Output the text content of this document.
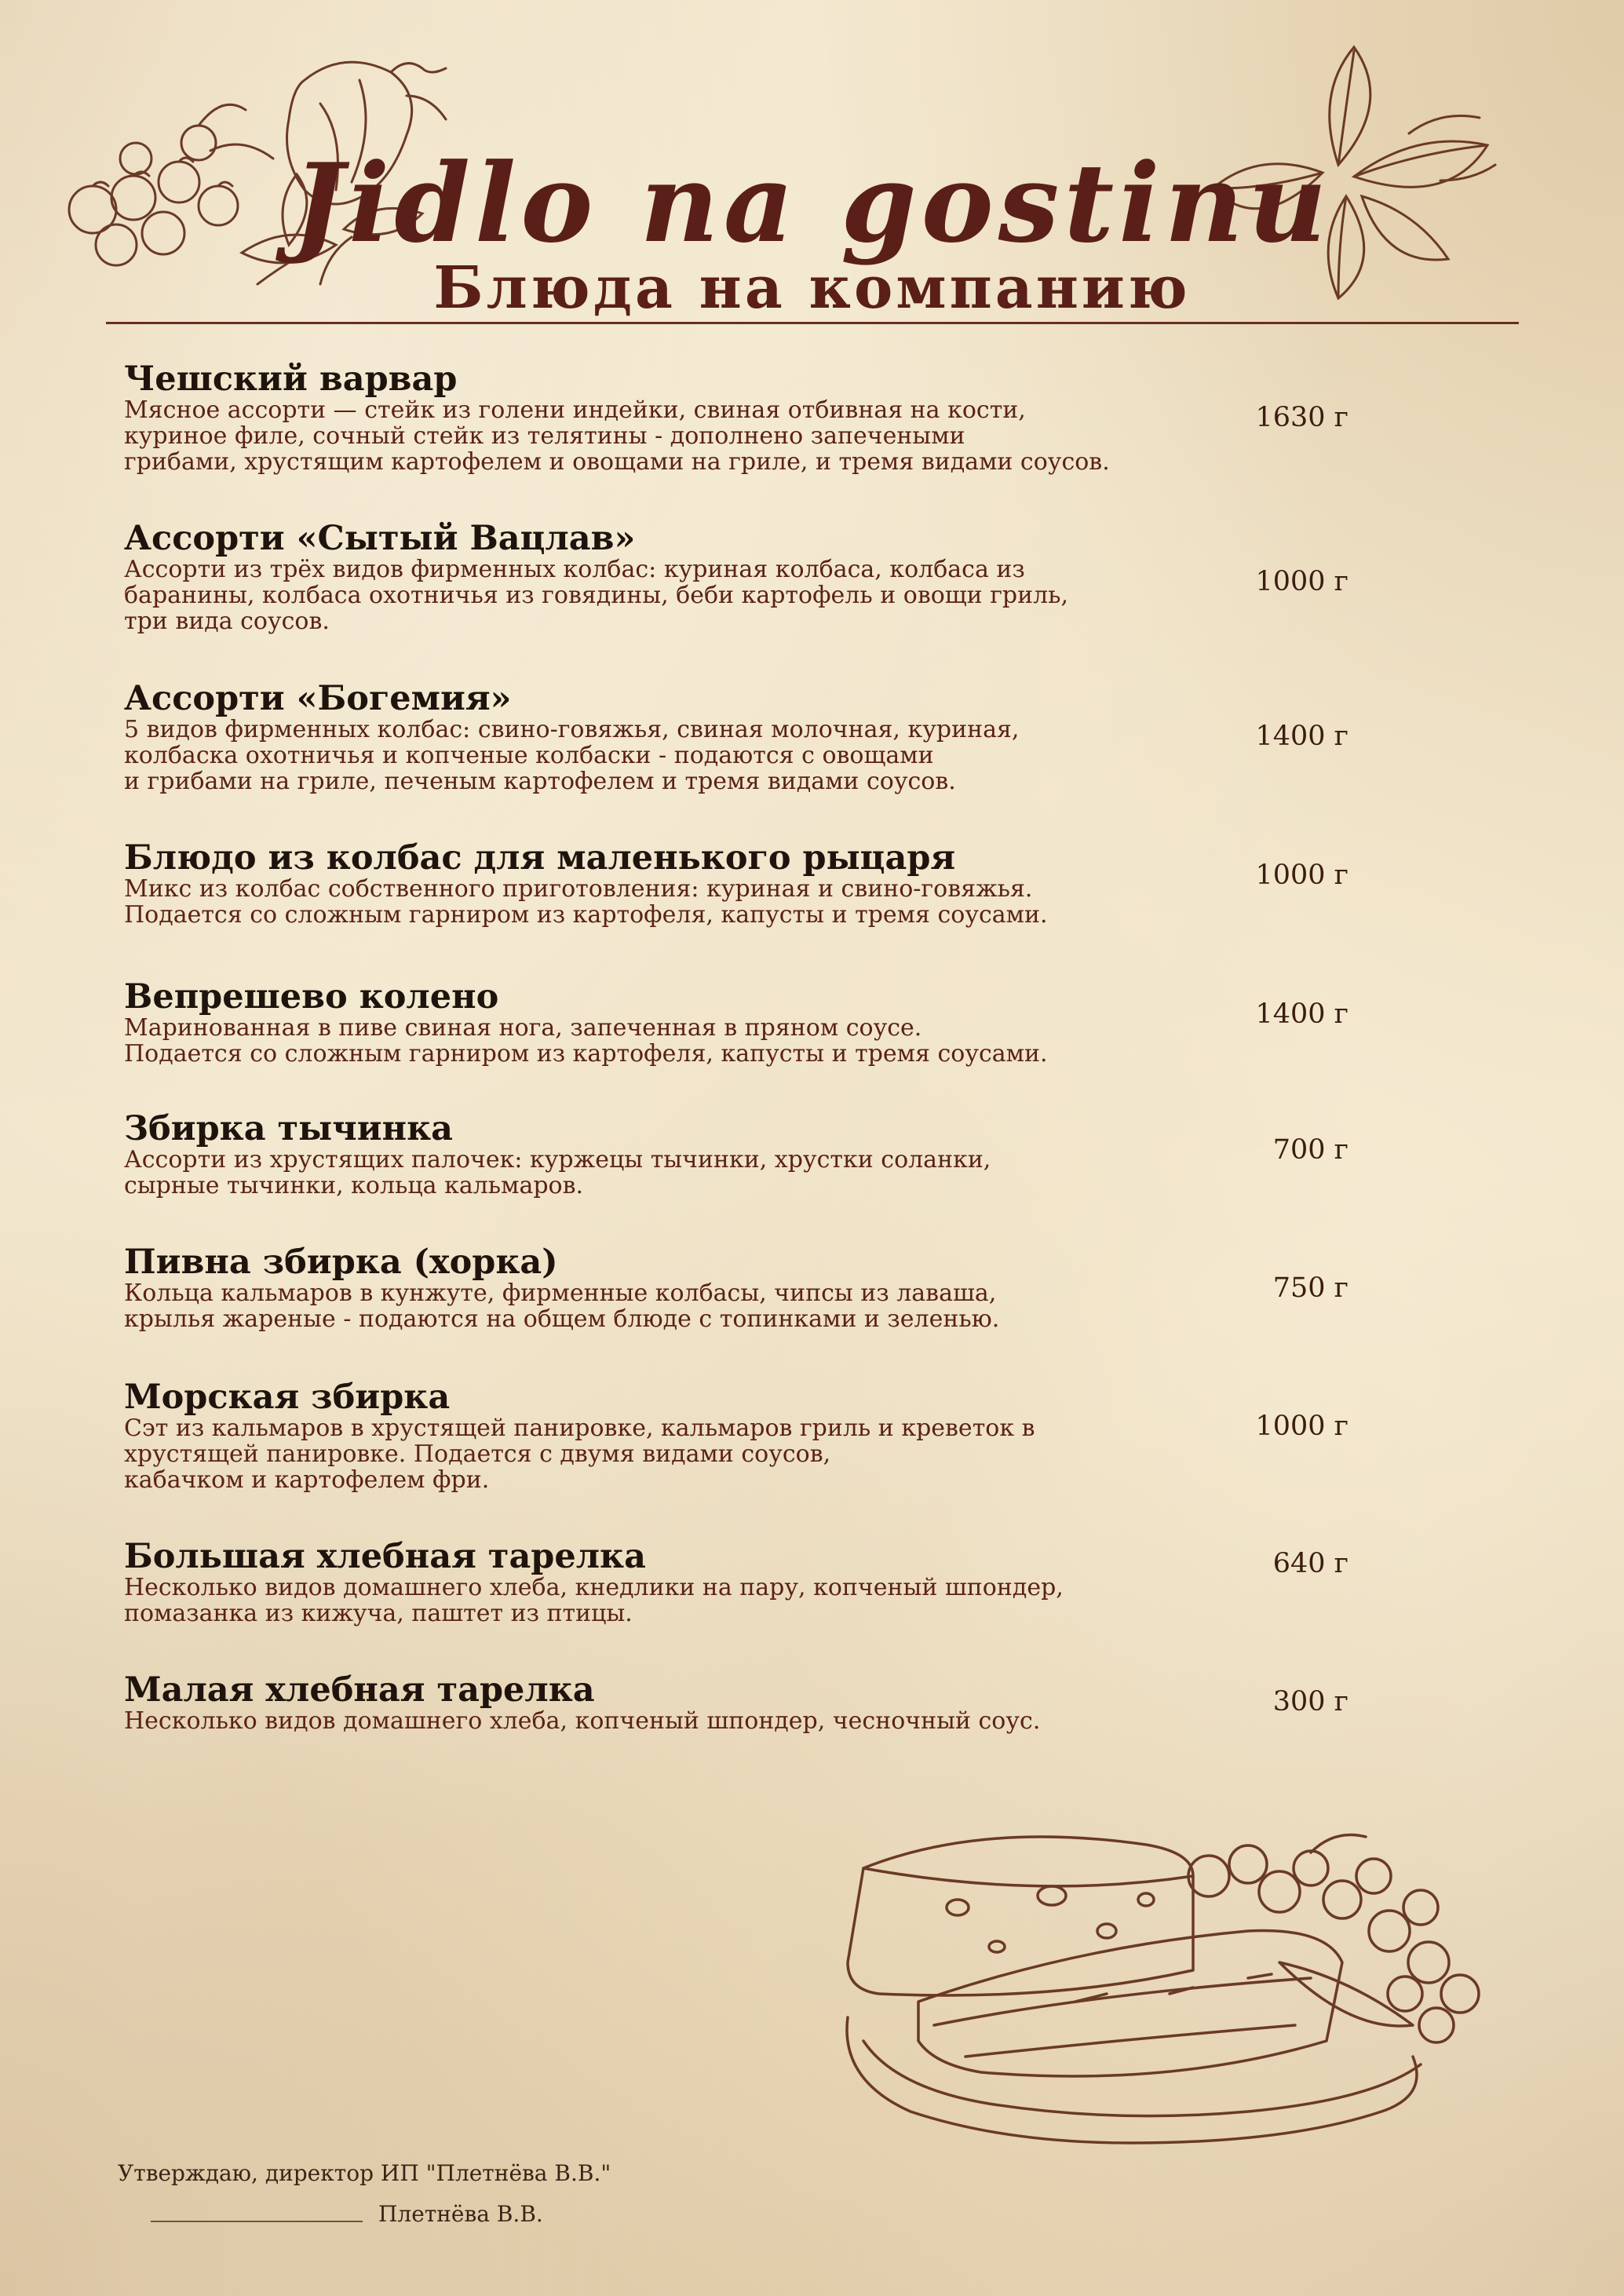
Jidlo na gostinu
Блюда на компанию
Чешский варвар
Мясное ассорти — стейк из голени индейки, свиная отбивная на кости,
куриное филе, сочный стейк из телятины - дополнено запечеными
грибами, хрустящим картофелем и овощами на гриле, и тремя видами соусов.
1630 г
Ассорти «Сытый Вацлав»
Ассорти из трёх видов фирменных колбас: куриная колбаса, колбаса из
баранины, колбаса охотничья из говядины, беби картофель и овощи гриль,
три вида соусов.
1000 г
Ассорти «Богемия»
5 видов фирменных колбас: свино-говяжья, свиная молочная, куриная,
колбаска охотничья и копченые колбаски - подаются с овощами
и грибами на гриле, печеным картофелем и тремя видами соусов.
1400 г
Блюдо из колбас для маленького рыцаря
Микс из колбас собственного приготовления: куриная и свино-говяжья.
Подается со сложным гарниром из картофеля, капусты и тремя соусами.
1000 г
Вепрешево колено
Маринованная в пиве свиная нога, запеченная в пряном соусе.
Подается со сложным гарниром из картофеля, капусты и тремя соусами.
1400 г
Збирка тычинка
Ассорти из хрустящих палочек: куржецы тычинки, хрустки соланки,
сырные тычинки, кольца кальмаров.
700 г
Пивна збирка (хорка)
Кольца кальмаров в кунжуте, фирменные колбасы, чипсы из лаваша,
крылья жареные - подаются на общем блюде с топинками и зеленью.
750 г
Морская збирка
Сэт из кальмаров в хрустящей панировке, кальмаров гриль и креветок в
хрустящей панировке. Подается с двумя видами соусов,
кабачком и картофелем фри.
1000 г
Большая хлебная тарелка
Несколько видов домашнего хлеба, кнедлики на пару, копченый шпондер,
помазанка из кижуча, паштет из птицы.
640 г
Малая хлебная тарелка
Несколько видов домашнего хлеба, копченый шпондер, чесночный соус.
300 г
Утверждаю, директор ИП "Плетнёва В.В."
Плетнёва В.В.
